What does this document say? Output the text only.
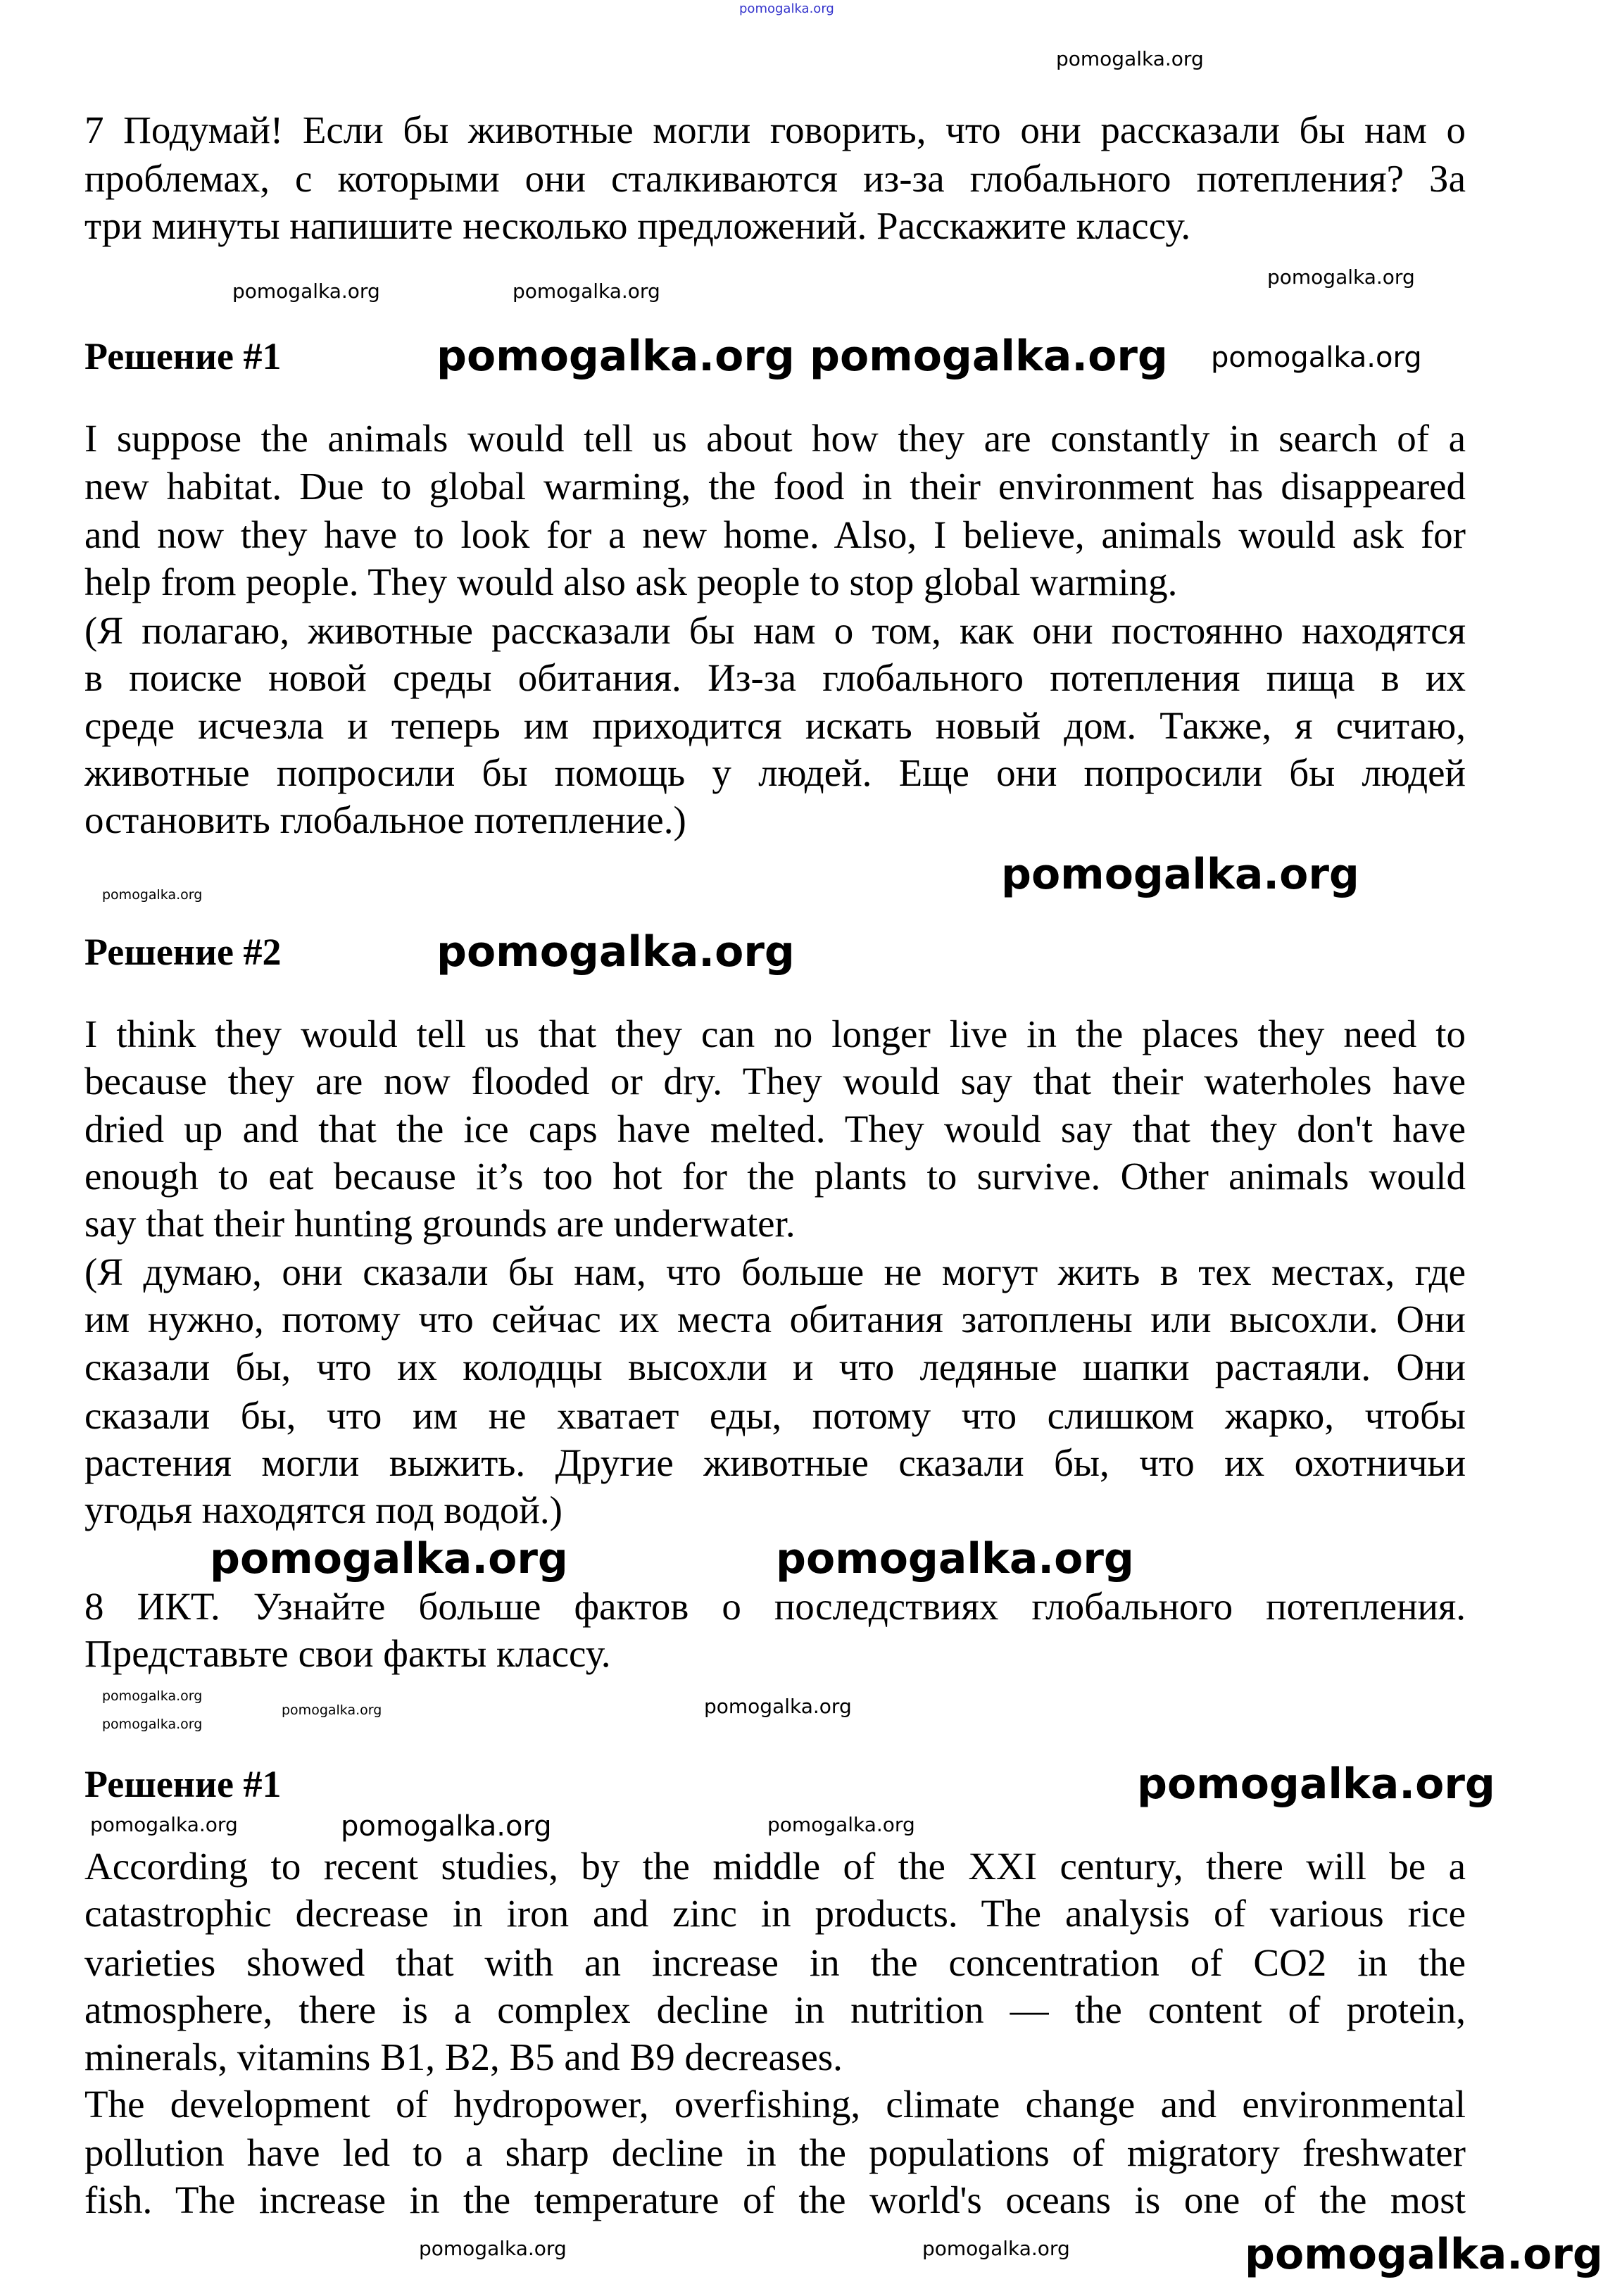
pomogalka.org
Решение #1
Решение #2
Решение #1
7 Подумай! Если бы животные могли говорить, что они рассказали бы нам о
проблемах, с которыми они сталкиваются из-за глобального потепления? За
три минуты напишите несколько предложений. Расскажите классу.
I suppose the animals would tell us about how they are constantly in search of a
new habitat. Due to global warming, the food in their environment has disappeared
and now they have to look for a new home. Also, I believe, animals would ask for
help from people. They would also ask people to stop global warming.
(Я полагаю, животные рассказали бы нам о том, как они постоянно находятся
в поиске новой среды обитания. Из-за глобального потепления пища в их
среде исчезла и теперь им приходится искать новый дом. Также, я считаю,
животные попросили бы помощь у людей. Еще они попросили бы людей
остановить глобальное потепление.)
I think they would tell us that they can no longer live in the places they need to
because they are now flooded or dry. They would say that their waterholes have
dried up and that the ice caps have melted. They would say that they don't have
enough to eat because it’s too hot for the plants to survive. Other animals would
say that their hunting grounds are underwater.
(Я думаю, они сказали бы нам, что больше не могут жить в тех местах, где
им нужно, потому что сейчас их места обитания затоплены или высохли. Они
сказали бы, что их колодцы высохли и что ледяные шапки растаяли. Они
сказали бы, что им не хватает еды, потому что слишком жарко, чтобы
растения могли выжить. Другие животные сказали бы, что их охотничьи
угодья находятся под водой.)
8 ИКТ. Узнайте больше фактов о последствиях глобального потепления.
Представьте свои факты классу.
According to recent studies, by the middle of the XXI century, there will be a
catastrophic decrease in iron and zinc in products. The analysis of various rice
varieties showed that with an increase in the concentration of CO2 in the
atmosphere, there is a complex decline in nutrition — the content of protein,
minerals, vitamins B1, B2, B5 and B9 decreases.
The development of hydropower, overfishing, climate change and environmental
pollution have led to a sharp decline in the populations of migratory freshwater
fish. The increase in the temperature of the world's oceans is one of the most
pomogalka.org
pomogalka.org
pomogalka.org	pomogalka.org
pomogalka.org pomogalka.org pomogalka.org
pomogalka.org
pomogalka.org
pomogalka.org
pomogalka.org	pomogalka.org
pomogalka.org
pomogalka.org
pomogalka.org	pomogalka.org
pomogalka.org
pomogalka.org	pomogalka.org	pomogalka.org
pomogalka.org	pomogalka.org	pomogalka.org
